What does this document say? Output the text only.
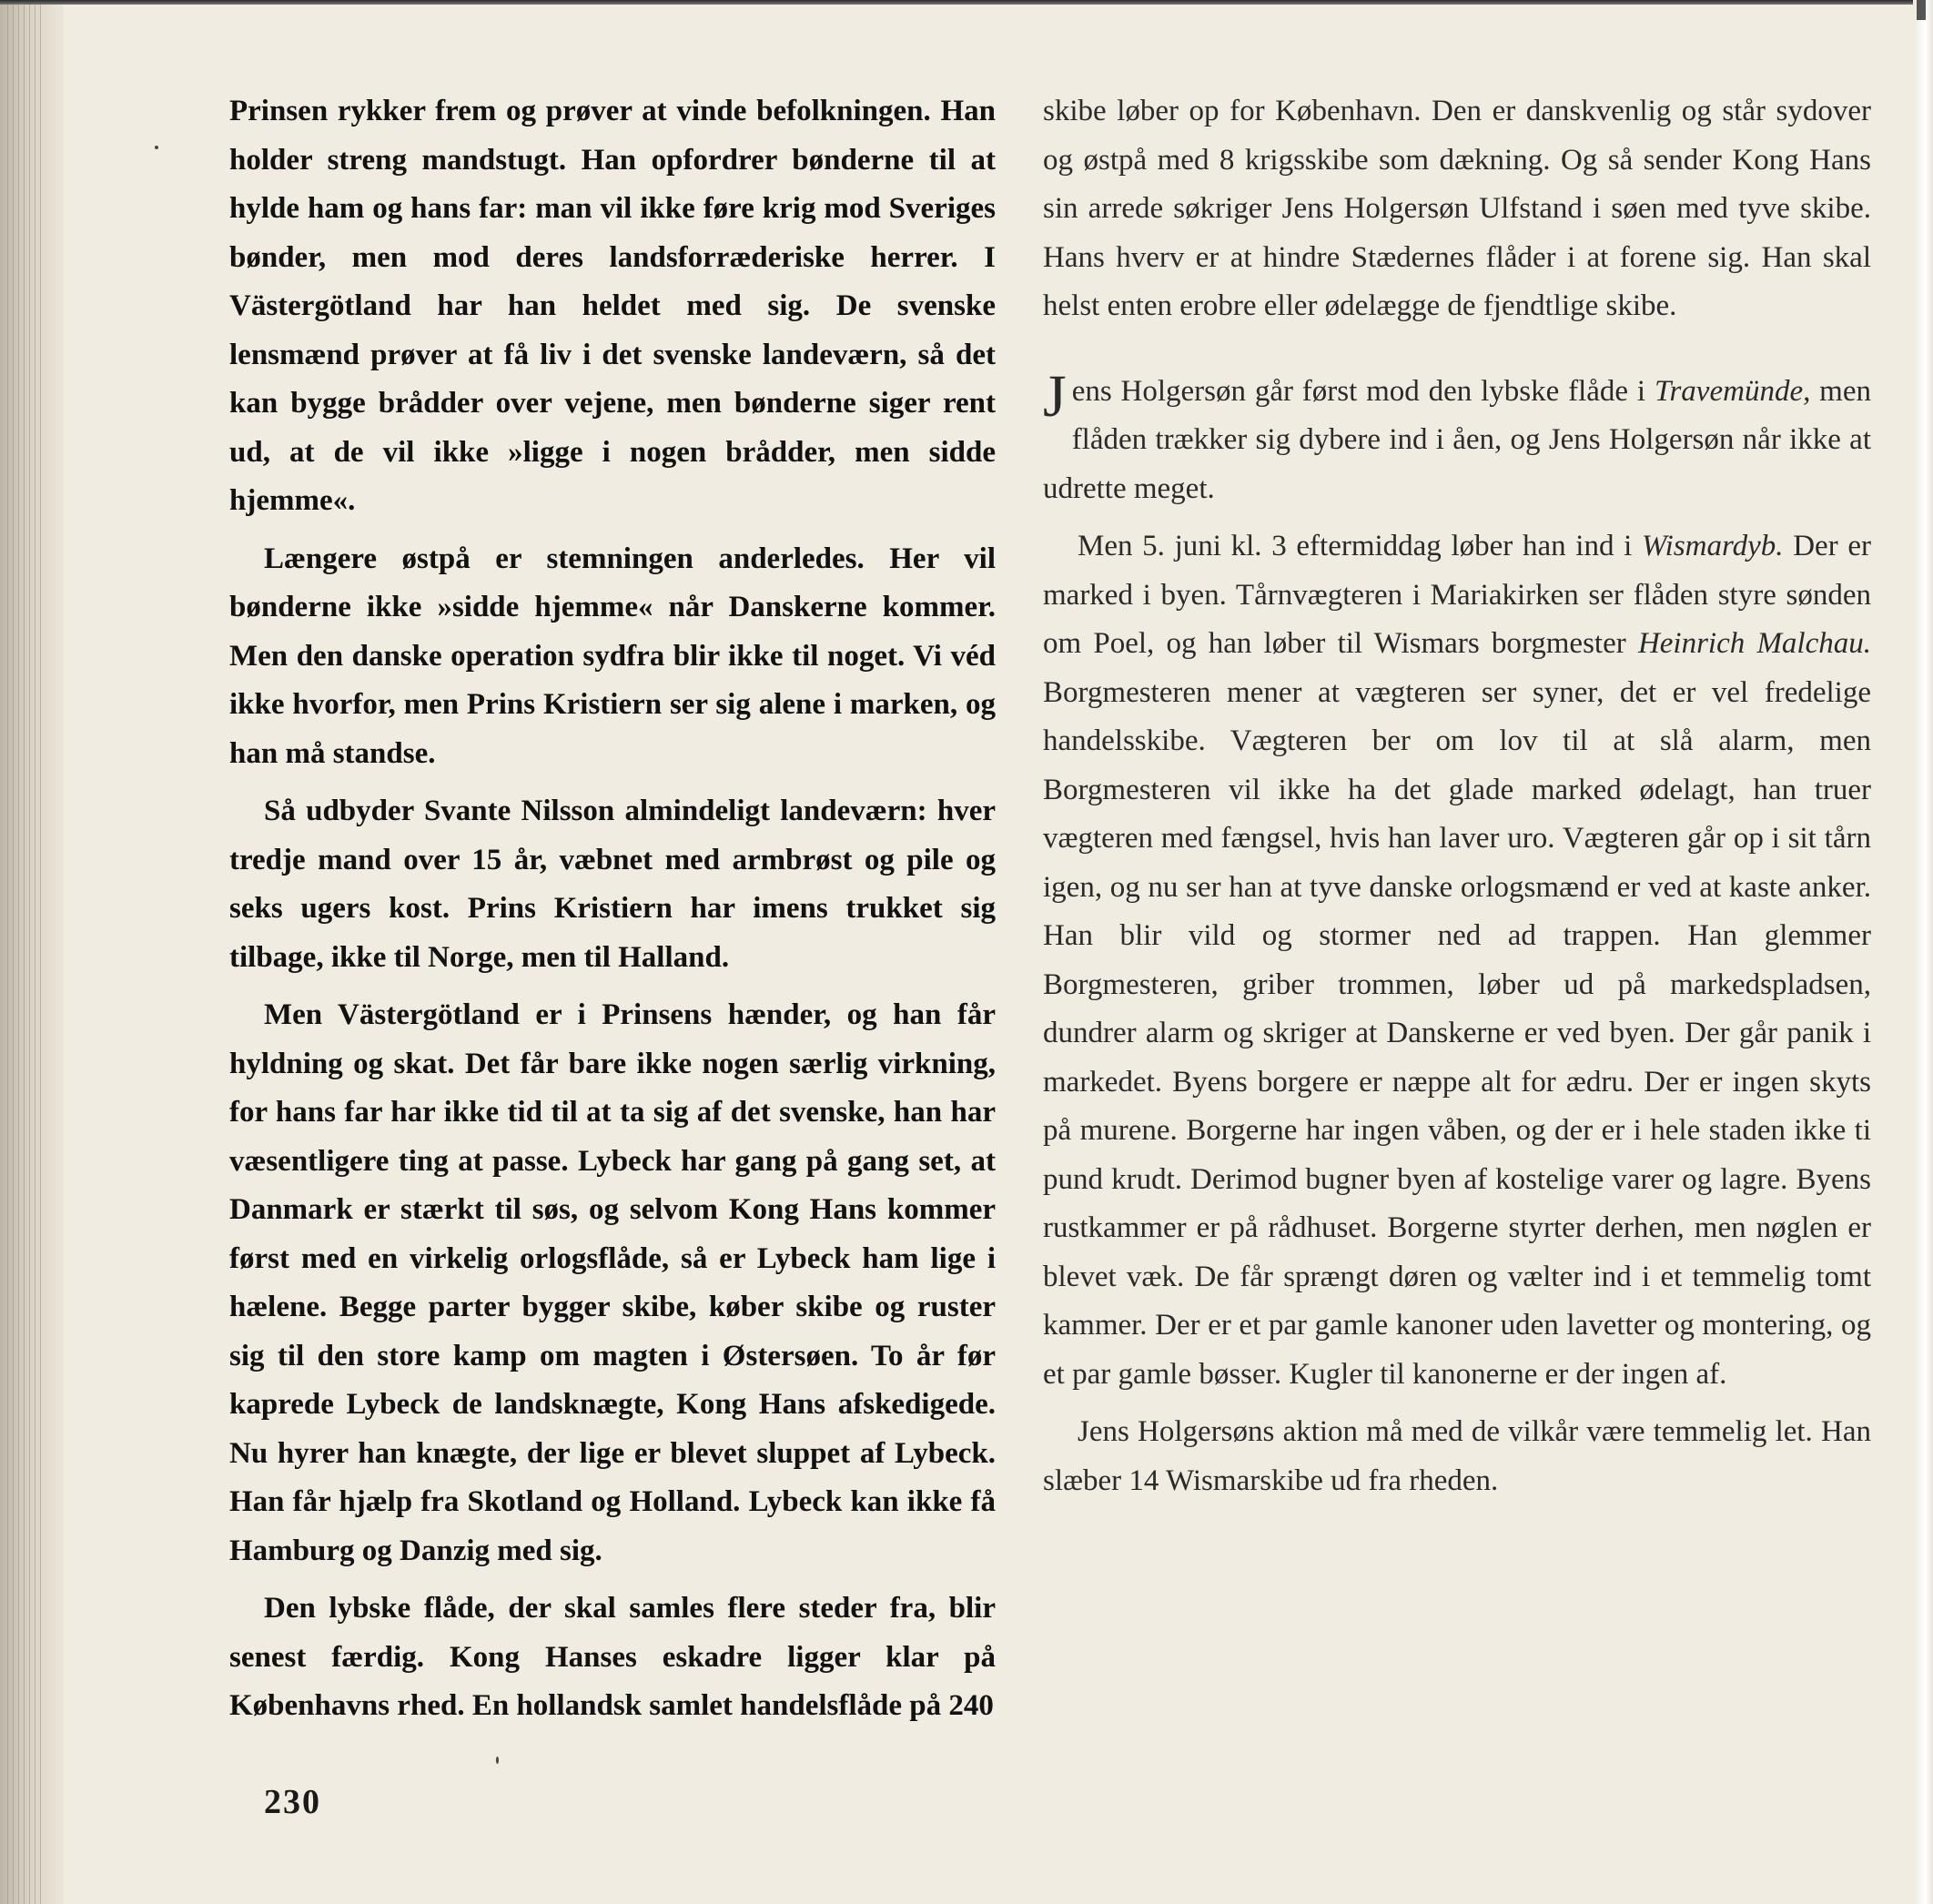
Prinsen rykker frem og prøver at vinde befolkningen. Han holder streng mandstugt. Han opfordrer bønderne til at hylde ham og hans far: man vil ikke føre krig mod Sveriges bønder, men mod deres landsforræderiske herrer. I Västergötland har han heldet med sig. De svenske lensmænd prøver at få liv i det svenske landeværn, så det kan bygge brådder over vejene, men bønderne siger rent ud, at de vil ikke »ligge i nogen brådder, men sidde hjemme«.

Længere østpå er stemningen anderledes. Her vil bønderne ikke »sidde hjemme« når Danskerne kommer. Men den danske operation sydfra blir ikke til noget. Vi véd ikke hvorfor, men Prins Kristiern ser sig alene i marken, og han må standse.

Så udbyder Svante Nilsson almindeligt landeværn: hver tredje mand over 15 år, væbnet med armbrøst og pile og seks ugers kost. Prins Kristiern har imens trukket sig tilbage, ikke til Norge, men til Halland.

Men Västergötland er i Prinsens hænder, og han får hyldning og skat. Det får bare ikke nogen særlig virkning, for hans far har ikke tid til at ta sig af det svenske, han har væsentligere ting at passe. Lybeck har gang på gang set, at Danmark er stærkt til søs, og selvom Kong Hans kommer først med en virkelig orlogsflåde, så er Lybeck ham lige i hælene. Begge parter bygger skibe, køber skibe og ruster sig til den store kamp om magten i Østersøen. To år før kaprede Lybeck de landsknægte, Kong Hans afskedigede. Nu hyrer han knægte, der lige er blevet sluppet af Lybeck. Han får hjælp fra Skotland og Holland. Lybeck kan ikke få Hamburg og Danzig med sig.

Den lybske flåde, der skal samles flere steder fra, blir senest færdig. Kong Hanses eskadre ligger klar på Københavns rhed. En hollandsk samlet handelsflåde på 240

skibe løber op for København. Den er danskvenlig og står sydover og østpå med 8 krigsskibe som dækning. Og så sender Kong Hans sin arrede søkriger Jens Holgersøn Ulfstand i søen med tyve skibe. Hans hverv er at hindre Stædernes flåder i at forene sig. Han skal helst enten erobre eller ødelægge de fjendtlige skibe.

Jens Holgersøn går først mod den lybske flåde i Travemünde, men flåden trækker sig dybere ind i åen, og Jens Holgersøn når ikke at udrette meget.

Men 5. juni kl. 3 eftermiddag løber han ind i Wismardyb. Der er marked i byen. Tårnvægteren i Mariakirken ser flåden styre sønden om Poel, og han løber til Wismars borgmester Heinrich Malchau. Borgmesteren mener at vægteren ser syner, det er vel fredelige handelsskibe. Vægteren ber om lov til at slå alarm, men Borgmesteren vil ikke ha det glade marked ødelagt, han truer vægteren med fængsel, hvis han laver uro. Vægteren går op i sit tårn igen, og nu ser han at tyve danske orlogsmænd er ved at kaste anker. Han blir vild og stormer ned ad trappen. Han glemmer Borgmesteren, griber trommen, løber ud på markedspladsen, dundrer alarm og skriger at Danskerne er ved byen. Der går panik i markedet. Byens borgere er næppe alt for ædru. Der er ingen skyts på murene. Borgerne har ingen våben, og der er i hele staden ikke ti pund krudt. Derimod bugner byen af kostelige varer og lagre. Byens rustkammer er på rådhuset. Borgerne styrter derhen, men nøglen er blevet væk. De får sprængt døren og vælter ind i et temmelig tomt kammer. Der er et par gamle kanoner uden lavetter og montering, og et par gamle bøsser. Kugler til kanonerne er der ingen af.

Jens Holgersøns aktion må med de vilkår være temmelig let. Han slæber 14 Wismarskibe ud fra rheden.

230
